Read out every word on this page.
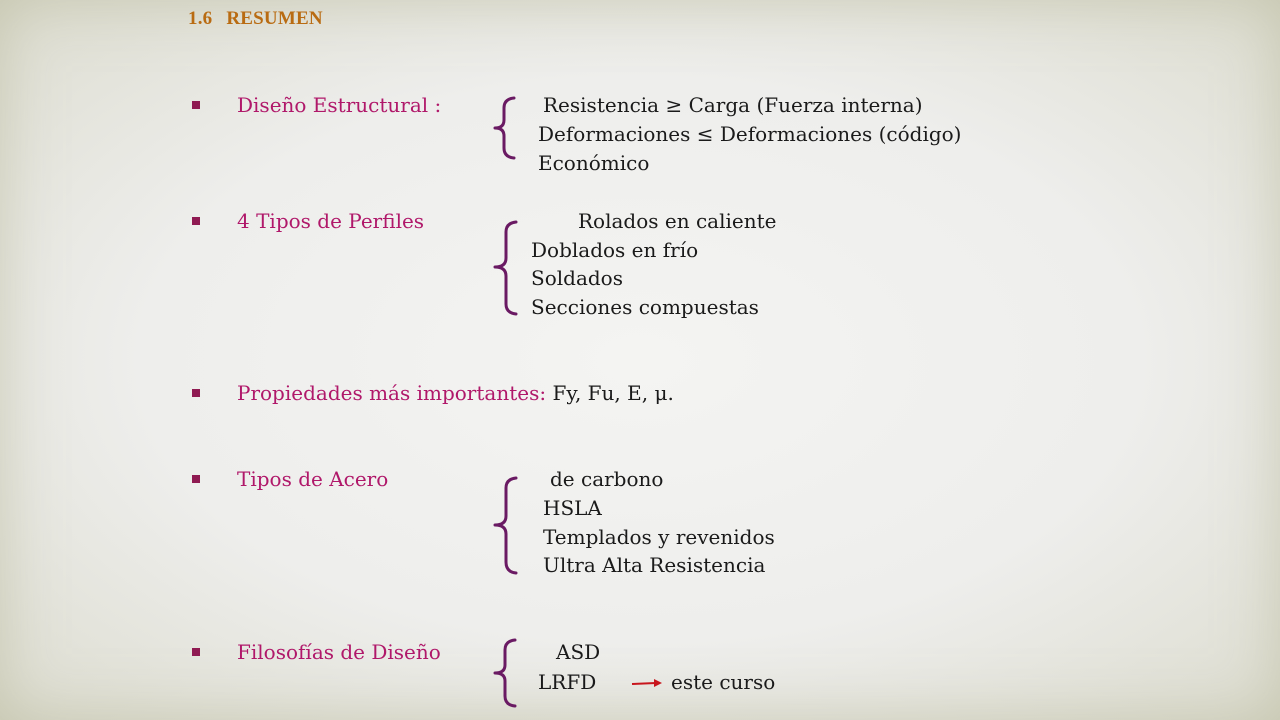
1.6 RESUMEN
Diseño Estructural :	Resistencia ≥ Carga (Fuerza interna)
Deformaciones ≤ Deformaciones (código)
Económico
4 Tipos de Perfiles	Rolados en caliente
Doblados en frío
Soldados
Secciones compuestas
Propiedades más importantes: Fy, Fu, E, μ.
Tipos de Acero	de carbono
HSLA
Templados y revenidos
Ultra Alta Resistencia
Filosofías de Diseño	ASD
LRFD	este curso
